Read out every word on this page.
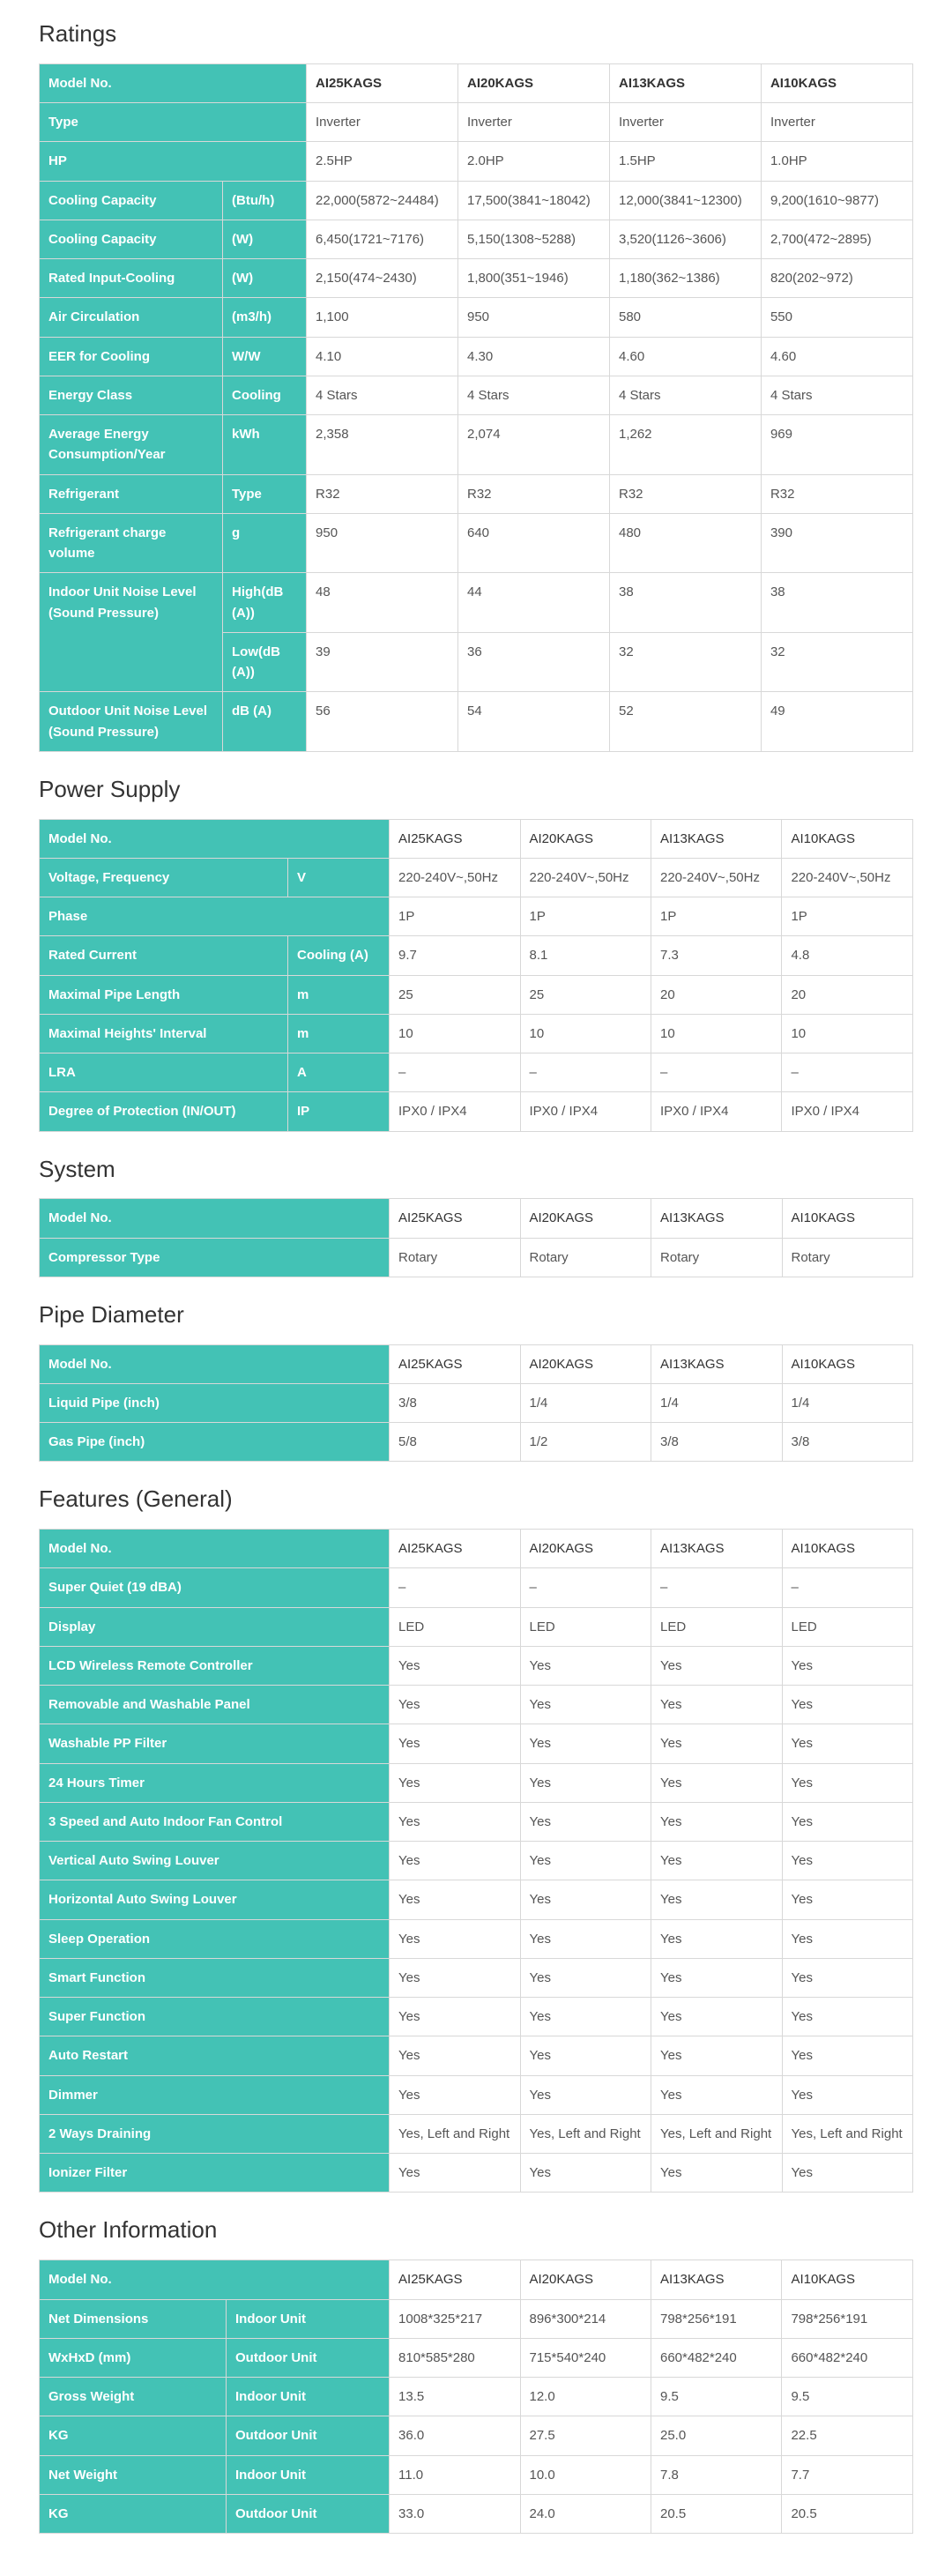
Ratings
Model No.		AI25KAGS	AI20KAGS	AI13KAGS	AI10KAGS
Type		Inverter	Inverter	Inverter	Inverter
HP		2.5HP	2.0HP	1.5HP	1.0HP
Cooling Capacity	(Btu/h)	22,000(5872~24484)	17,500(3841~18042)	12,000(3841~12300)	9,200(1610~9877)
Cooling Capacity	(W)	6,450(1721~7176)	5,150(1308~5288)	3,520(1126~3606)	2,700(472~2895)
Rated Input-Cooling	(W)	2,150(474~2430)	1,800(351~1946)	1,180(362~1386)	820(202~972)
Air Circulation	(m3/h)	1,100	950	580	550
EER for Cooling	W/W	4.10	4.30	4.60	4.60
Energy Class	Cooling	4 Stars	4 Stars	4 Stars	4 Stars
Average Energy Consumption/Year	kWh	2,358	2,074	1,262	969
Refrigerant	Type	R32	R32	R32	R32
Refrigerant charge volume	g	950	640	480	390
Indoor Unit Noise Level (Sound Pressure)	High(dB (A))	48	44	38	38
	Low(dB (A))	39	36	32	32
Outdoor Unit Noise Level (Sound Pressure)	dB (A)	56	54	52	49
Power Supply
Model No.		AI25KAGS	AI20KAGS	AI13KAGS	AI10KAGS
Voltage, Frequency	V	220-240V~,50Hz	220-240V~,50Hz	220-240V~,50Hz	220-240V~,50Hz
Phase		1P	1P	1P	1P
Rated Current	Cooling (A)	9.7	8.1	7.3	4.8
Maximal Pipe Length	m	25	25	20	20
Maximal Heights' Interval	m	10	10	10	10
LRA	A	–	–	–	–
Degree of Protection (IN/OUT)	IP	IPX0 / IPX4	IPX0 / IPX4	IPX0 / IPX4	IPX0 / IPX4
System
Model No.	AI25KAGS	AI20KAGS	AI13KAGS	AI10KAGS
Compressor Type	Rotary	Rotary	Rotary	Rotary
Pipe Diameter
Model No.	AI25KAGS	AI20KAGS	AI13KAGS	AI10KAGS
Liquid Pipe (inch)	3/8	1/4	1/4	1/4
Gas Pipe (inch)	5/8	1/2	3/8	3/8
Features (General)
Model No.	AI25KAGS	AI20KAGS	AI13KAGS	AI10KAGS
Super Quiet (19 dBA)	–	–	–	–
Display	LED	LED	LED	LED
LCD Wireless Remote Controller	Yes	Yes	Yes	Yes
Removable and Washable Panel	Yes	Yes	Yes	Yes
Washable PP Filter	Yes	Yes	Yes	Yes
24 Hours Timer	Yes	Yes	Yes	Yes
3 Speed and Auto Indoor Fan Control	Yes	Yes	Yes	Yes
Vertical Auto Swing Louver	Yes	Yes	Yes	Yes
Horizontal Auto Swing Louver	Yes	Yes	Yes	Yes
Sleep Operation	Yes	Yes	Yes	Yes
Smart Function	Yes	Yes	Yes	Yes
Super Function	Yes	Yes	Yes	Yes
Auto Restart	Yes	Yes	Yes	Yes
Dimmer	Yes	Yes	Yes	Yes
2 Ways Draining	Yes, Left and Right	Yes, Left and Right	Yes, Left and Right	Yes, Left and Right
Ionizer Filter	Yes	Yes	Yes	Yes
Other Information
Model No.		AI25KAGS	AI20KAGS	AI13KAGS	AI10KAGS
Net Dimensions	Indoor Unit	1008*325*217	896*300*214	798*256*191	798*256*191
WxHxD (mm)	Outdoor Unit	810*585*280	715*540*240	660*482*240	660*482*240
Gross Weight	Indoor Unit	13.5	12.0	9.5	9.5
KG	Outdoor Unit	36.0	27.5	25.0	22.5
Net Weight	Indoor Unit	11.0	10.0	7.8	7.7
KG	Outdoor Unit	33.0	24.0	20.5	20.5
